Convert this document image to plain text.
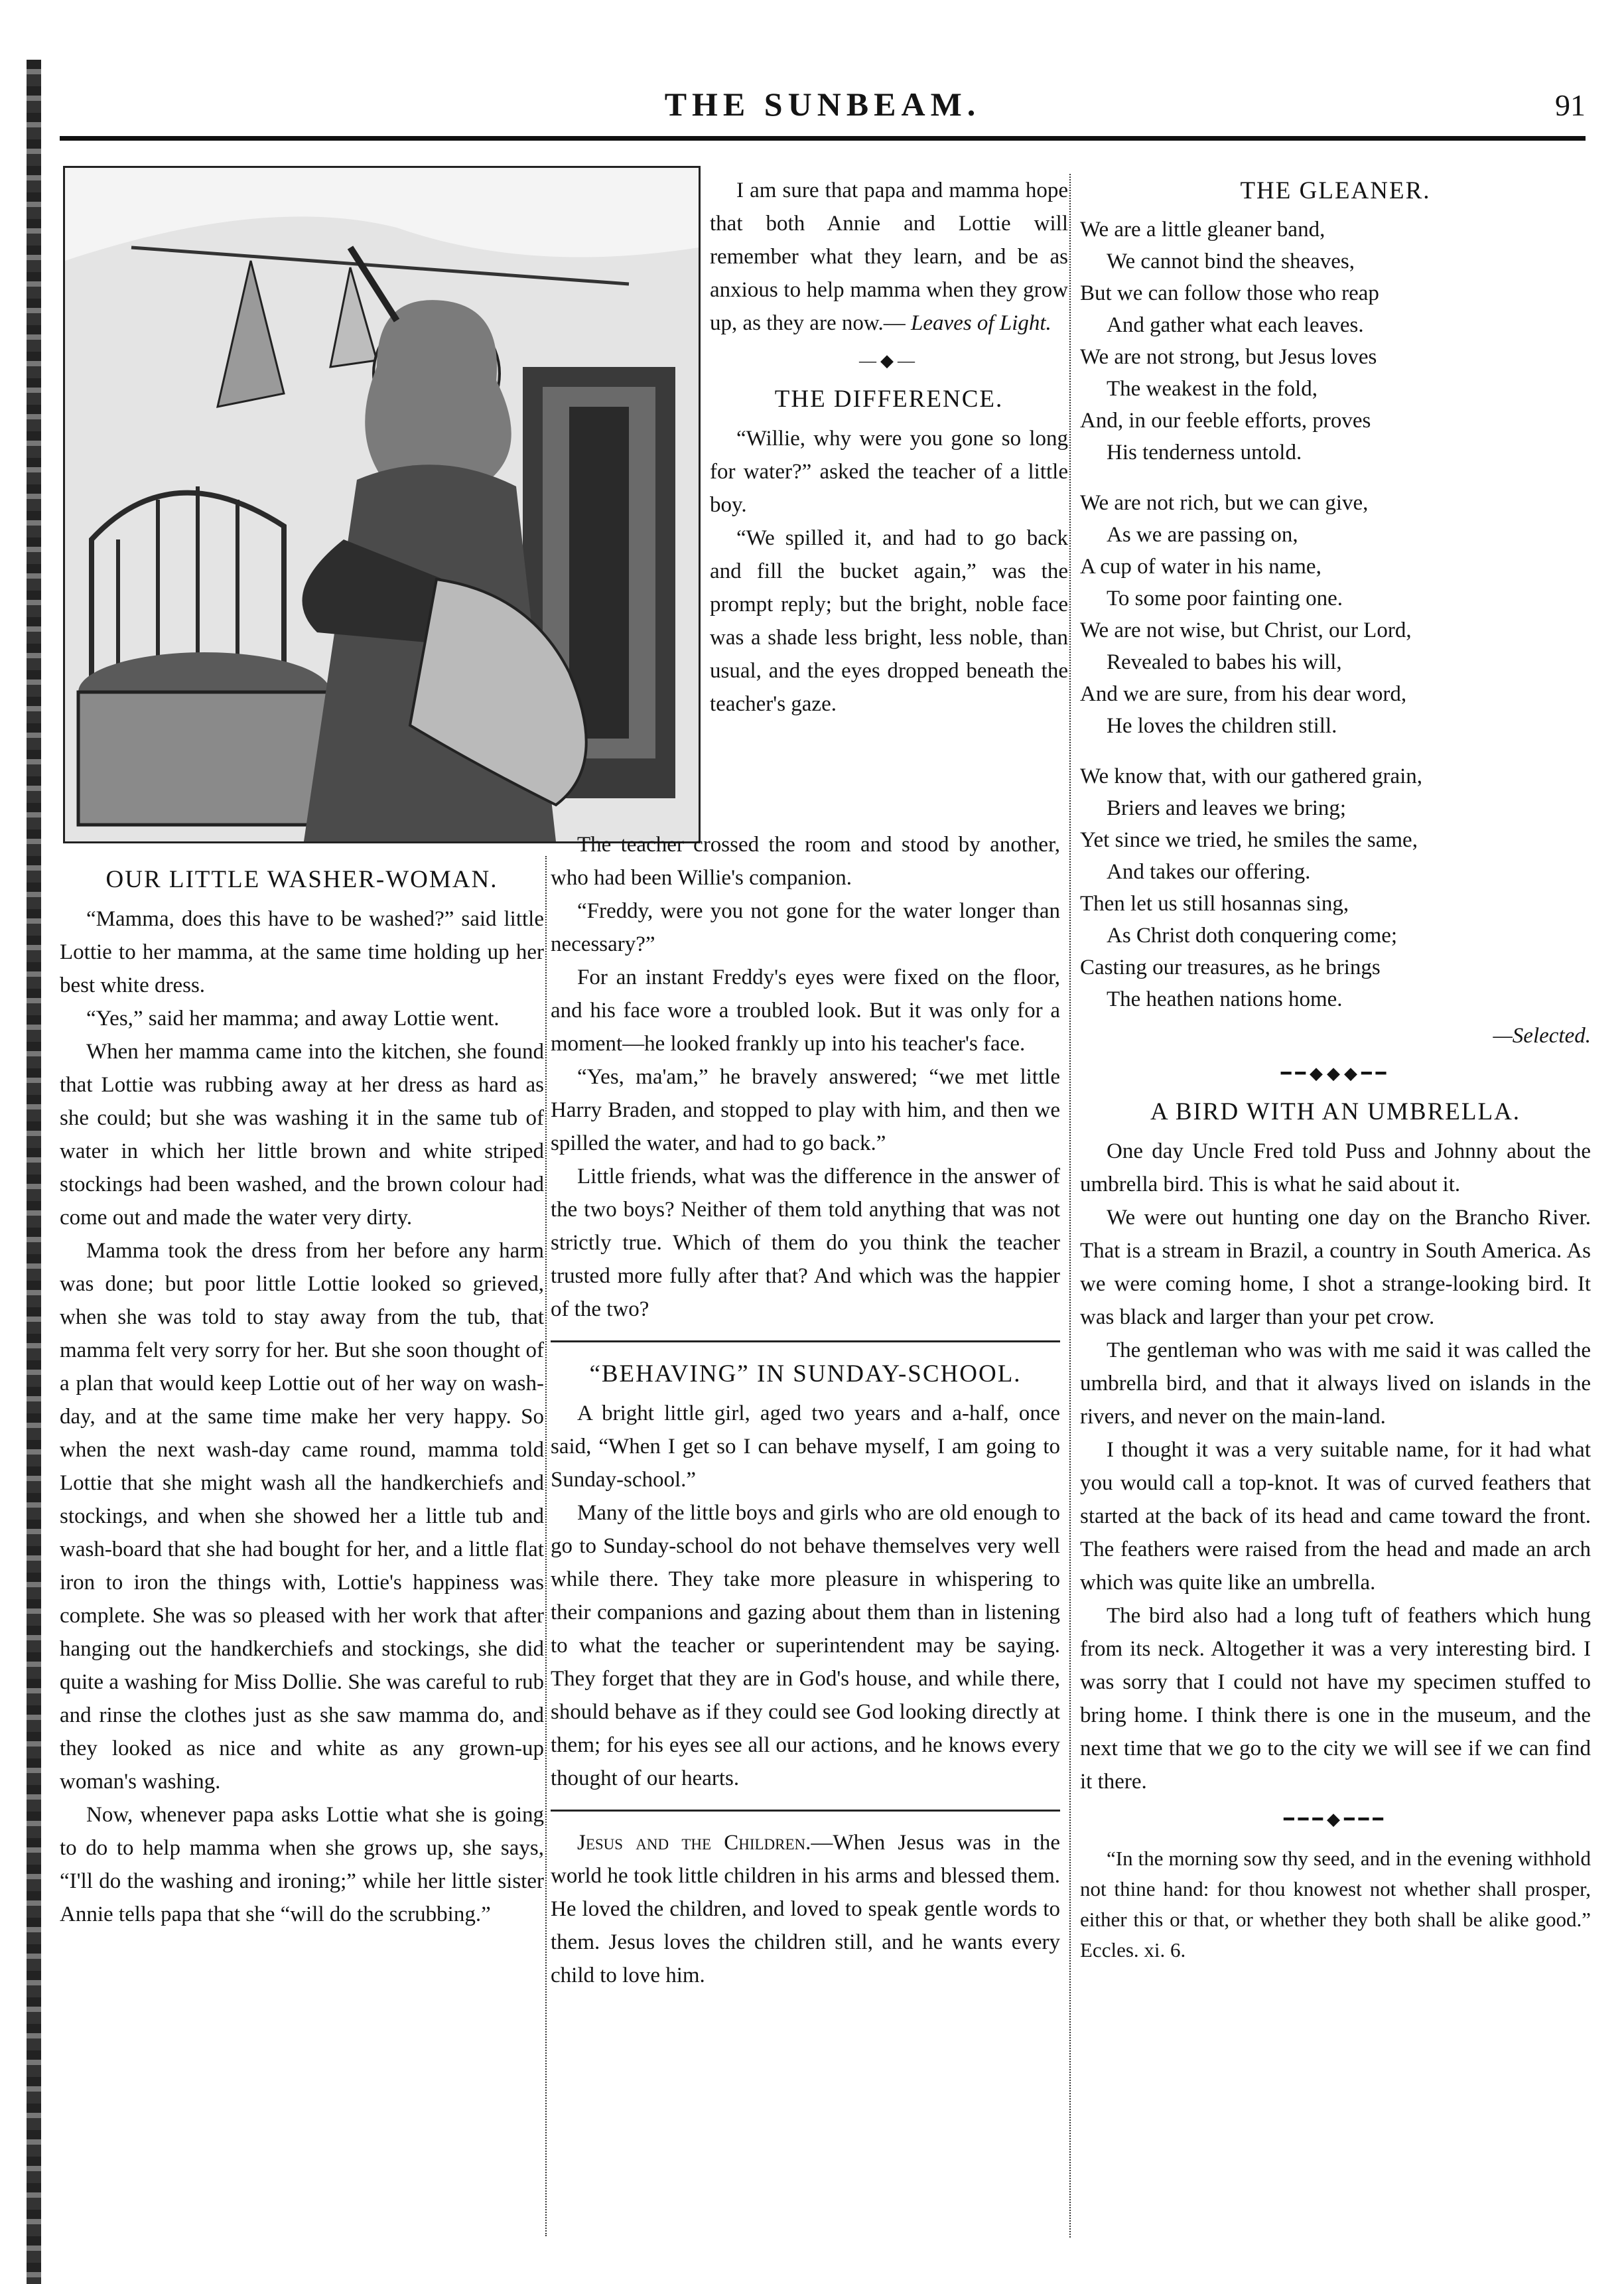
THE SUNBEAM.	91
OUR LITTLE WASHER-WOMAN.

“Mamma, does this have to be washed?” said little Lottie to her mamma, at the same time holding up her best white dress.

“Yes,” said her mamma; and away Lottie went.

When her mamma came into the kitchen, she found that Lottie was rubbing away at her dress as hard as she could; but she was washing it in the same tub of water in which her little brown and white striped stockings had been washed, and the brown colour had come out and made the water very dirty.

Mamma took the dress from her before any harm was done; but poor little Lottie looked so grieved, when she was told to stay away from the tub, that mamma felt very sorry for her. But she soon thought of a plan that would keep Lottie out of her way on wash-day, and at the same time make her very happy. So when the next wash-day came round, mamma told Lottie that she might wash all the handkerchiefs and stockings, and when she showed her a little tub and wash-board that she had bought for her, and a little flat iron to iron the things with, Lottie's happiness was complete. She was so pleased with her work that after hanging out the handkerchiefs and stockings, she did quite a washing for Miss Dollie. She was careful to rub and rinse the clothes just as she saw mamma do, and they looked as nice and white as any grown-up woman's washing.

Now, whenever papa asks Lottie what she is going to do to help mamma when she grows up, she says, “I'll do the washing and ironing;” while her little sister Annie tells papa that she “will do the scrubbing.”

I am sure that papa and mamma hope that both Annie and Lottie will remember what they learn, and be as anxious to help mamma when they grow up, as they are now.— Leaves of Light.

—◆—
THE DIFFERENCE.

“Willie, why were you gone so long for water?” asked the teacher of a little boy.

“We spilled it, and had to go back and fill the bucket again,” was the prompt reply; but the bright, noble face was a shade less bright, less noble, than usual, and the eyes dropped beneath the teacher's gaze.

The teacher crossed the room and stood by another, who had been Willie's companion.

“Freddy, were you not gone for the water longer than necessary?”

For an instant Freddy's eyes were fixed on the floor, and his face wore a troubled look. But it was only for a moment—he looked frankly up into his teacher's face.

“Yes, ma'am,” he bravely answered; “we met little Harry Braden, and stopped to play with him, and then we spilled the water, and had to go back.”

Little friends, what was the difference in the answer of the two boys? Neither of them told anything that was not strictly true. Which of them do you think the teacher trusted more fully after that? And which was the happier of the two?

“BEHAVING” IN SUNDAY-SCHOOL.

A bright little girl, aged two years and a-half, once said, “When I get so I can behave myself, I am going to Sunday-school.”

Many of the little boys and girls who are old enough to go to Sunday-school do not behave themselves very well while there. They take more pleasure in whispering to their companions and gazing about them than in listening to what the teacher or superintendent may be saying. They forget that they are in God's house, and while there, should behave as if they could see God looking directly at them; for his eyes see all our actions, and he knows every thought of our hearts.

Jesus and the Children.—When Jesus was in the world he took little children in his arms and blessed them. He loved the children, and loved to speak gentle words to them. Jesus loves the children still, and he wants every child to love him.

THE GLEANER.
We are a little gleaner band,
We cannot bind the sheaves,
But we can follow those who reap
And gather what each leaves.
We are not strong, but Jesus loves
The weakest in the fold,
And, in our feeble efforts, proves
His tenderness untold.
We are not rich, but we can give,
As we are passing on,
A cup of water in his name,
To some poor fainting one.
We are not wise, but Christ, our Lord,
Revealed to babes his will,
And we are sure, from his dear word,
He loves the children still.
We know that, with our gathered grain,
Briers and leaves we bring;
Yet since we tried, he smiles the same,
And takes our offering.
Then let us still hosannas sing,
As Christ doth conquering come;
Casting our treasures, as he brings
The heathen nations home.
—Selected.
━━◆◆◆━━
A BIRD WITH AN UMBRELLA.

One day Uncle Fred told Puss and Johnny about the umbrella bird. This is what he said about it.

We were out hunting one day on the Brancho River. That is a stream in Brazil, a country in South America. As we were coming home, I shot a strange-looking bird. It was black and larger than your pet crow.

The gentleman who was with me said it was called the umbrella bird, and that it always lived on islands in the rivers, and never on the main-land.

I thought it was a very suitable name, for it had what you would call a top-knot. It was of curved feathers that started at the back of its head and came toward the front. The feathers were raised from the head and made an arch which was quite like an umbrella.

The bird also had a long tuft of feathers which hung from its neck. Altogether it was a very interesting bird. I was sorry that I could not have my specimen stuffed to bring home. I think there is one in the museum, and the next time that we go to the city we will see if we can find it there.

━━━◆━━━

“In the morning sow thy seed, and in the evening withhold not thine hand: for thou knowest not whether shall prosper, either this or that, or whether they both shall be alike good.” Eccles. xi. 6.
